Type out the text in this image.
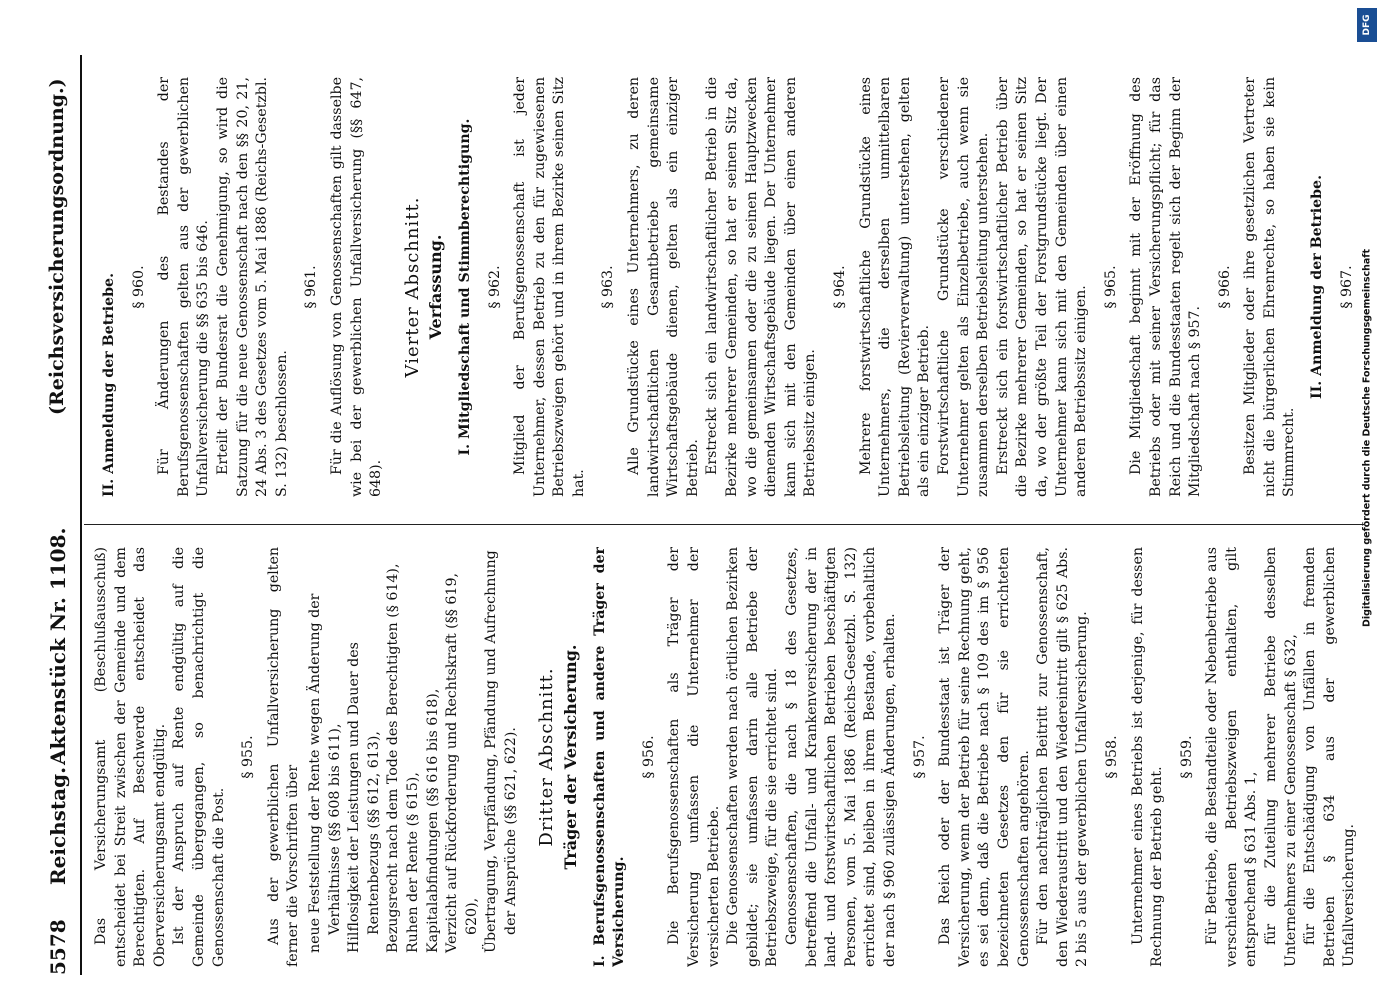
5578
Reichstag.
Aktenstück Nr. 1108.
(Reichsversicherungsordnung.)

Das Versicherungsamt (Beschlußausschuß) entscheidet bei Streit zwischen der Gemeinde und dem Berechtigten. Auf Beschwerde entscheidet das Oberversicherungsamt endgültig. Ist der Anspruch auf Rente endgültig auf die Gemeinde übergegangen, so benachrichtigt die Genossenschaft die Post.

§ 955. Aus der gewerblichen Unfallversicherung gelten ferner die Vorschriften über neue Feststellung der Rente wegen Änderung der Verhältnisse (§§ 608 bis 611), Hilflosigkeit der Leistungen und Dauer des Rentenbezugs (§§ 612, 613), Bezugsrecht nach dem Tode des Berechtigten (§ 614), Ruhen der Rente (§ 615), Kapitalabfindungen (§§ 616 bis 618), Verzicht auf Rückforderung und Rechtskraft (§§ 619, 620), Übertragung, Verpfändung, Pfändung und Aufrechnung der Ansprüche (§§ 621, 622). Dritter Abschnitt. Träger der Versicherung. I. Berufsgenossenschaften und andere Träger der Versicherung.

§ 956. Die Berufsgenossenschaften als Träger der Versicherung umfassen die Unternehmer der versicherten Betriebe. Die Genossenschaften werden nach örtlichen Bezirken gebildet; sie umfassen darin alle Betriebe der Betriebszweige, für die sie errichtet sind. Genossenschaften, die nach § 18 des Gesetzes, betreffend die Unfall- und Krankenversicherung der in land- und forstwirtschaftlichen Betrieben beschäftigten Personen, vom 5. Mai 1886 (Reichs-Gesetzbl. S. 132) errichtet sind, bleiben in ihrem Bestande, vorbehaltlich der nach § 960 zulässigen Änderungen, erhalten. § 957. Das Reich oder der Bundesstaat ist Träger der Versicherung, wenn der Betrieb für seine Rechnung geht, es sei denn, daß die Betriebe nach § 109 des im § 956 bezeichneten Gesetzes den für sie errichteten Genossenschaften angehören. Für den nachträglichen Beitritt zur Genossenschaft, den Wiederaustritt und den Wiedereintritt gilt § 625 Abs. 2 bis 5 aus der gewerblichen Unfallversicherung. § 958. Unternehmer eines Betriebs ist derjenige, für dessen Rechnung der Betrieb geht.

§ 959. Für Betriebe, die Bestandteile oder Nebenbetriebe aus verschiedenen Betriebszweigen enthalten, gilt entsprechend § 631 Abs. 1, für die Zuteilung mehrerer Betriebe desselben Unternehmers zu einer Genossenschaft § 632, für die Entschädigung von Unfällen in fremden Betrieben § 634 aus der gewerblichen Unfallversicherung.

II. Anmeldung der Betriebe. § 960. Für Änderungen des Bestandes der Berufsgenossenschaften gelten aus der gewerblichen Unfallversicherung die §§ 635 bis 646. Erteilt der Bundesrat die Genehmigung, so wird die Satzung für die neue Genossenschaft nach den §§ 20, 21, 24 Abs. 3 des Gesetzes vom 5. Mai 1886 (Reichs-Gesetzbl. S. 132) beschlossen.

§ 961. Für die Auflösung von Genossenschaften gilt dasselbe wie bei der gewerblichen Unfallversicherung (§§ 647, 648).

Vierter Abschnitt. Verfassung. I. Mitgliedschaft und Stimmberechtigung. § 962. Mitglied der Berufsgenossenschaft ist jeder Unternehmer, dessen Betrieb zu den für zugewiesenen Betriebszweigen gehört und in ihrem Bezirke seinen Sitz hat.

§ 963. Alle Grundstücke eines Unternehmers, zu deren landwirtschaftlichen Gesamtbetriebe gemeinsame Wirtschaftsgebäude dienen, gelten als ein einziger Betrieb. Erstreckt sich ein landwirtschaftlicher Betrieb in die Bezirke mehrerer Gemeinden, so hat er seinen Sitz da, wo die gemeinsamen oder die zu seinen Hauptzwecken dienenden Wirtschaftsgebäude liegen. Der Unternehmer kann sich mit den Gemeinden über einen anderen Betriebssitz einigen.

§ 964. Mehrere forstwirtschaftliche Grundstücke eines Unternehmers, die derselben unmittelbaren Betriebsleitung (Revierverwaltung) unterstehen, gelten als ein einziger Betrieb. Forstwirtschaftliche Grundstücke verschiedener Unternehmer gelten als Einzelbetriebe, auch wenn sie zusammen derselben Betriebsleitung unterstehen. Erstreckt sich ein forstwirtschaftlicher Betrieb über die Bezirke mehrerer Gemeinden, so hat er seinen Sitz da, wo der größte Teil der Forstgrundstücke liegt. Der Unternehmer kann sich mit den Gemeinden über einen anderen Betriebssitz einigen. § 965. Die Mitgliedschaft beginnt mit der Eröffnung des Betriebs oder mit seiner Versicherungspflicht; für das Reich und die Bundesstaaten regelt sich der Beginn der Mitgliedschaft nach § 957.

§ 966. Besitzen Mitglieder oder ihre gesetzlichen Vertreter nicht die bürgerlichen Ehrenrechte, so haben sie kein Stimmrecht.

II. Anmeldung der Betriebe. § 967.

DFG
Digitalisierung gefördert durch die Deutsche Forschungsgemeinschaft
